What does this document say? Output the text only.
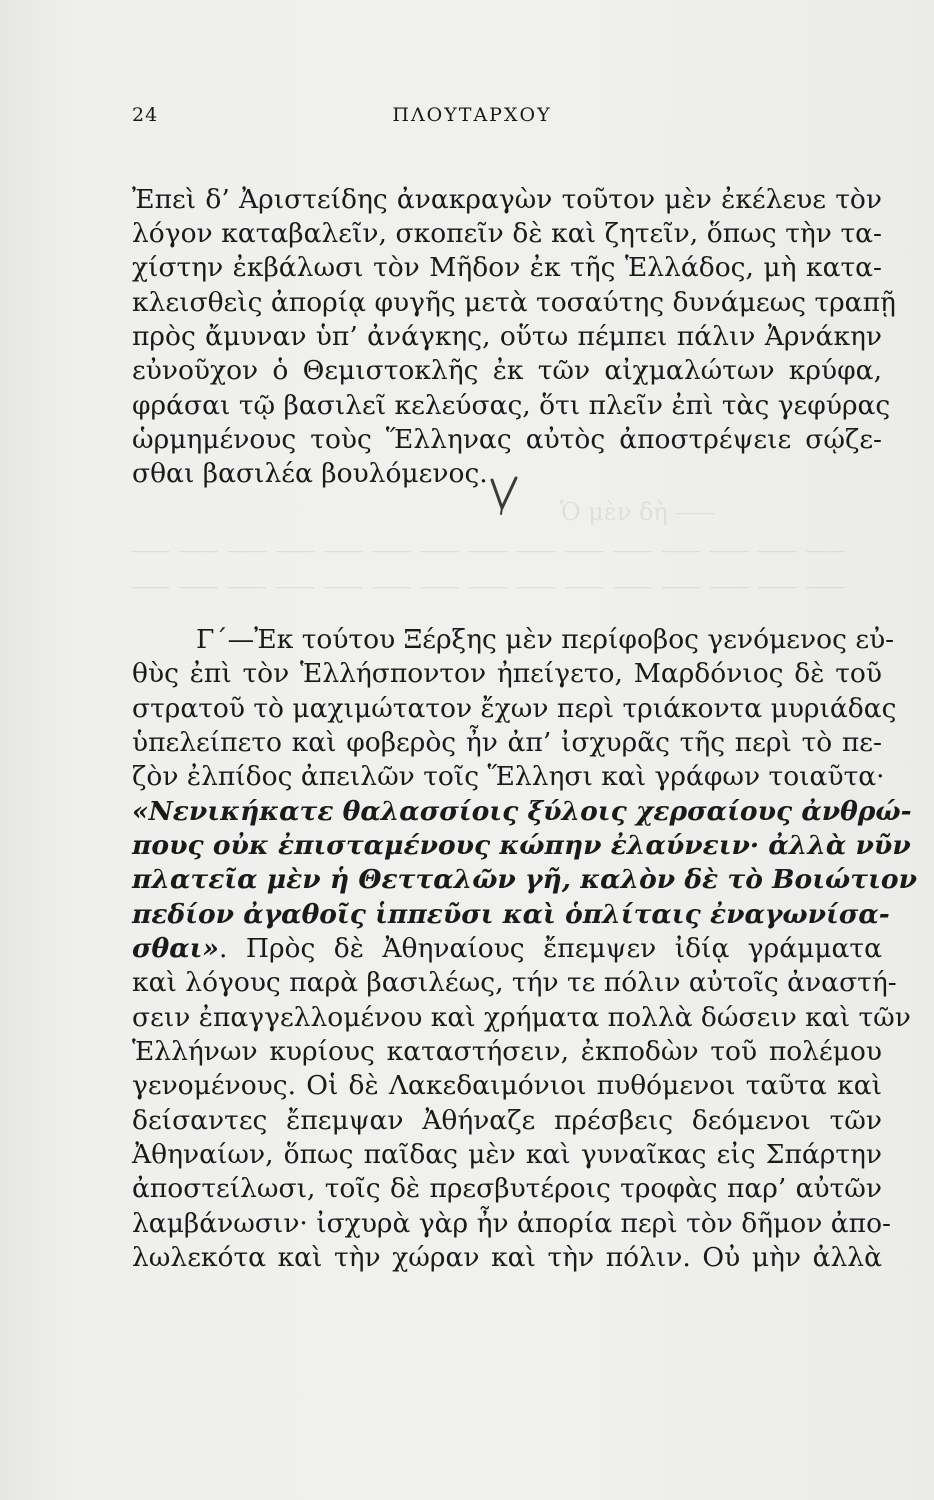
24	ΠΛΟΥΤΑΡΧΟΥ
Ἐπεὶ δ’ Ἀριστείδης ἀνακραγὼν τοῦτον μὲν ἐκέλευε τὸν
λόγον καταβαλεῖν, σκοπεῖν δὲ καὶ ζητεῖν, ὅπως τὴν τα-
χίστην ἐκβάλωσι τὸν Μῆδον ἐκ τῆς Ἑλλάδος, μὴ κατα-
κλεισθεὶς ἀπορίᾳ φυγῆς μετὰ τοσαύτης δυνάμεως τραπῇ
πρὸς ἄμυναν ὑπ’ ἀνάγκης, οὕτω πέμπει πάλιν Ἀρνάκην
εὐνοῦχον ὁ Θεμιστοκλῆς ἐκ τῶν αἰχμαλώτων κρύφα,
φράσαι τῷ βασιλεῖ κελεύσας, ὅτι πλεῖν ἐπὶ τὰς γεφύρας
ὡρμημένους τοὺς Ἕλληνας αὐτὸς ἀποστρέψειε σῴζε-
σθαι βασιλέα βουλόμενος.
Ὁ μὲν δὴ ⸺
⸺ ⸺ ⸺ ⸺ ⸺ ⸺ ⸺ ⸺ ⸺ ⸺ ⸺ ⸺ ⸺ ⸺ ⸺
⸺ ⸺ ⸺ ⸺ ⸺ ⸺ ⸺ ⸺ ⸺ ⸺ ⸺ ⸺ ⸺ ⸺ ⸺
Γ΄—Ἐκ τούτου Ξέρξης μὲν περίφοβος γενόμενος εὐ-
θὺς ἐπὶ τὸν Ἑλλήσποντον ἠπείγετο, Μαρδόνιος δὲ τοῦ
στρατοῦ τὸ μαχιμώτατον ἔχων περὶ τριάκοντα μυριάδας
ὑπελείπετο καὶ φοβερὸς ἦν ἀπ’ ἰσχυρᾶς τῆς περὶ τὸ πε-
ζὸν ἐλπίδος ἀπειλῶν τοῖς Ἕλλησι καὶ γράφων τοιαῦτα·
«Νενικήκατε θαλασσίοις ξύλοις χερσαίους ἀνθρώ-
πους οὐκ ἐπισταμένους κώπην ἐλαύνειν· ἀλλὰ νῦν
πλατεῖα μὲν ἡ Θετταλῶν γῆ, καλὸν δὲ τὸ Βοιώτιον
πεδίον ἀγαθοῖς ἱππεῦσι καὶ ὁπλίταις ἐναγωνίσα-
σθαι». Πρὸς δὲ Ἀθηναίους ἔπεμψεν ἰδίᾳ γράμματα
καὶ λόγους παρὰ βασιλέως, τήν τε πόλιν αὐτοῖς ἀναστή-
σειν ἐπαγγελλομένου καὶ χρήματα πολλὰ δώσειν καὶ τῶν
Ἑλλήνων κυρίους καταστήσειν, ἐκποδὼν τοῦ πολέμου
γενομένους. Οἱ δὲ Λακεδαιμόνιοι πυθόμενοι ταῦτα καὶ
δείσαντες ἔπεμψαν Ἀθήναζε πρέσβεις δεόμενοι τῶν
Ἀθηναίων, ὅπως παῖδας μὲν καὶ γυναῖκας εἰς Σπάρτην
ἀποστείλωσι, τοῖς δὲ πρεσβυτέροις τροφὰς παρ’ αὐτῶν
λαμβάνωσιν· ἰσχυρὰ γὰρ ἦν ἀπορία περὶ τὸν δῆμον ἀπο-
λωλεκότα καὶ τὴν χώραν καὶ τὴν πόλιν. Οὐ μὴν ἀλλὰ
